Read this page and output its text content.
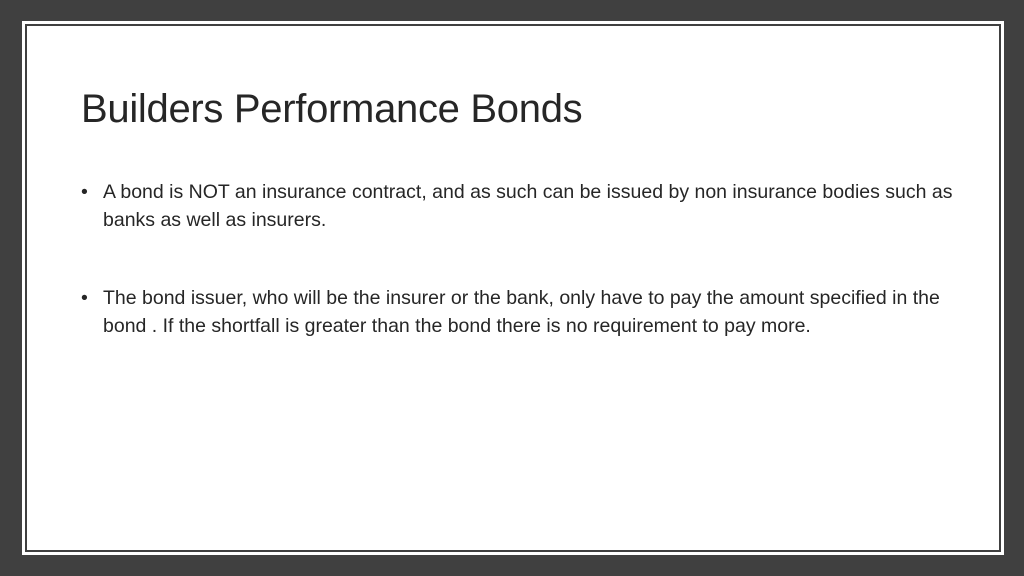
Builders Performance Bonds
• A bond is NOT an insurance contract, and as such can be issued by non insurance bodies such as banks as well as insurers.
• The bond issuer, who will be the insurer or the bank, only have to pay the amount specified in the bond . If the shortfall is greater than the bond there is no requirement to pay more.
